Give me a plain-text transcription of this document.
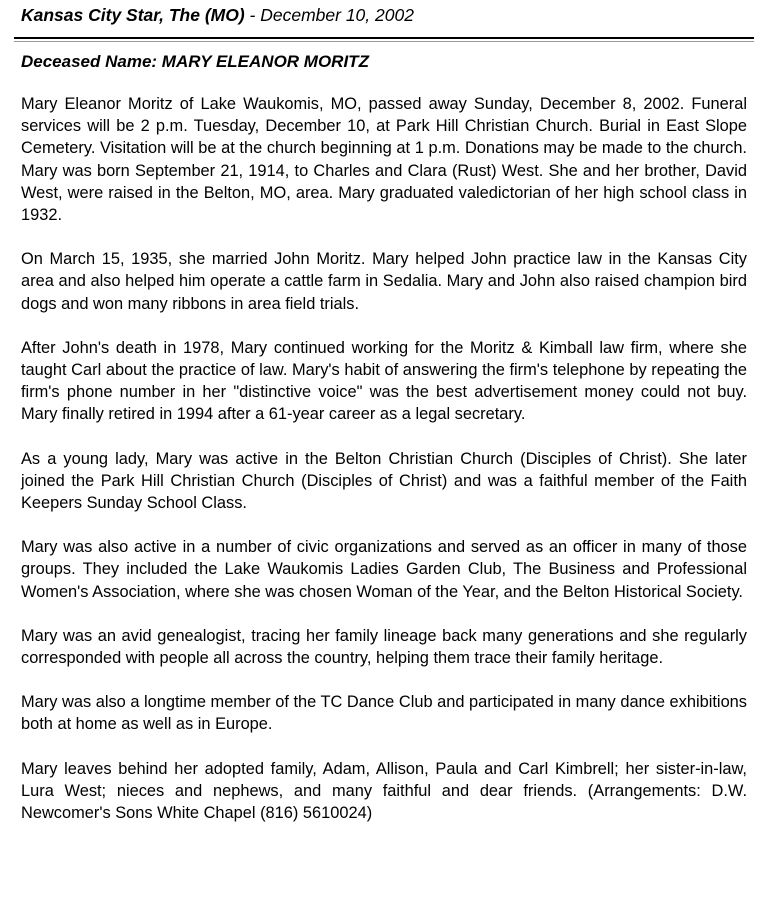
Kansas City Star, The (MO) - December 10, 2002
Deceased Name: MARY ELEANOR MORITZ

Mary Eleanor Moritz of Lake Waukomis, MO, passed away Sunday, December 8, 2002. Funeral services will be 2 p.m. Tuesday, December 10, at Park Hill Christian Church. Burial in East Slope Cemetery. Visitation will be at the church beginning at 1 p.m. Donations may be made to the church. Mary was born September 21, 1914, to Charles and Clara (Rust) West. She and her brother, David West, were raised in the Belton, MO, area. Mary graduated valedictorian of her high school class in 1932.

On March 15, 1935, she married John Moritz. Mary helped John practice law in the Kansas City area and also helped him operate a cattle farm in Sedalia. Mary and John also raised champion bird dogs and won many ribbons in area field trials.

After John's death in 1978, Mary continued working for the Moritz & Kimball law firm, where she taught Carl about the practice of law. Mary's habit of answering the firm's telephone by repeating the firm's phone number in her "distinctive voice" was the best advertisement money could not buy. Mary finally retired in 1994 after a 61-year career as a legal secretary.

As a young lady, Mary was active in the Belton Christian Church (Disciples of Christ). She later joined the Park Hill Christian Church (Disciples of Christ) and was a faithful member of the Faith Keepers Sunday School Class.

Mary was also active in a number of civic organizations and served as an officer in many of those groups. They included the Lake Waukomis Ladies Garden Club, The Business and Professional Women's Association, where she was chosen Woman of the Year, and the Belton Historical Society.

Mary was an avid genealogist, tracing her family lineage back many generations and she regularly corresponded with people all across the country, helping them trace their family heritage.

Mary was also a longtime member of the TC Dance Club and participated in many dance exhibitions both at home as well as in Europe.

Mary leaves behind her adopted family, Adam, Allison, Paula and Carl Kimbrell; her sister-in-law, Lura West; nieces and nephews, and many faithful and dear friends. (Arrangements: D.W. Newcomer's Sons White Chapel (816) 5610024)
